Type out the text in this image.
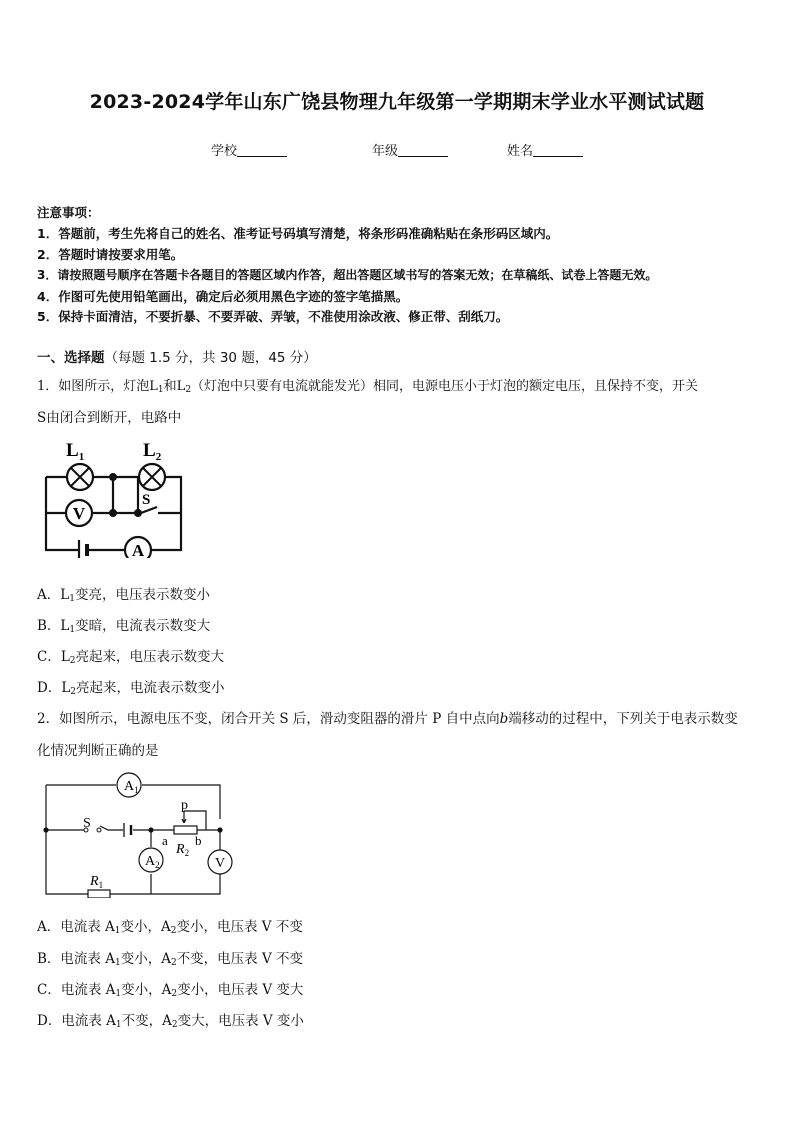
2023-2024学年山东广饶县物理九年级第一学期期末学业水平测试试题
学校	年级	姓名
注意事项：
1．答题前，考生先将自己的姓名、准考证号码填写清楚，将条形码准确粘贴在条形码区域内。
2．答题时请按要求用笔。
3．请按照题号顺序在答题卡各题目的答题区域内作答，超出答题区域书写的答案无效；在草稿纸、试卷上答题无效。
4．作图可先使用铅笔画出，确定后必须用黑色字迹的签字笔描黑。
5．保持卡面清洁，不要折暴、不要弄破、弄皱，不准使用涂改液、修正带、刮纸刀。
一、选择题（每题 1.5 分，共 30 题，45 分）
1．如图所示，灯泡$L_1$和$L_2$（灯泡中只要有电流就能发光）相同，电源电压小于灯泡的额定电压，且保持不变，开关
S由闭合到断开，电路中
V
A
$L_1$	$L_2$
S
A．$L_1$变亮，电压表示数变小
B．$L_1$变暗，电流表示数变大
C．$L_2$亮起来，电压表示数变大
D．$L_2$亮起来，电流表示数变小
2．如图所示，电源电压不变，闭合开关 S 后，滑动变阻器的滑片 P 自中点向b端移动的过程中，下列关于电表示数变
化情况判断正确的是
$A_1$
$A_2$	V
S
p
a b
$R_2$
$R_1$
A．电流表 $A_1$变小，$A_2$变小，电压表 V 不变
B．电流表 $A_1$变小，$A_2$不变，电压表 V 不变
C．电流表 $A_1$变小，$A_2$变小，电压表 V 变大
D．电流表 $A_1$不变，$A_2$变大，电压表 V 变小
